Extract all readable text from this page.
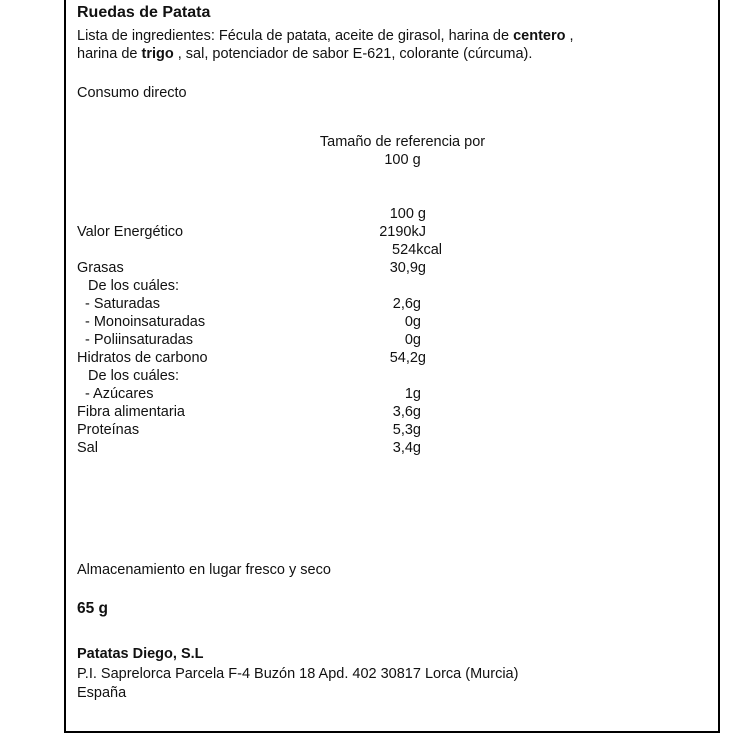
Ruedas de Patata
Lista de ingredientes: Fécula de patata, aceite de girasol, harina de centero ,
harina de trigo , sal, potenciador de sabor E-621, colorante (cúrcuma).
Consumo directo
Tamaño de referencia por
100 g
100 g
Valor Energético	2190kJ
524kcal
Grasas	30,9g
De los cuáles:
- Saturadas	2,6g
- Monoinsaturadas	0g
- Poliinsaturadas	0g
Hidratos de carbono	54,2g
De los cuáles:
- Azúcares	1g
Fibra alimentaria	3,6g
Proteínas	5,3g
Sal	3,4g
Almacenamiento en lugar fresco y seco
65 g
Patatas Diego, S.L
P.I. Saprelorca Parcela F-4 Buzón 18 Apd. 402 30817 Lorca (Murcia)
España
